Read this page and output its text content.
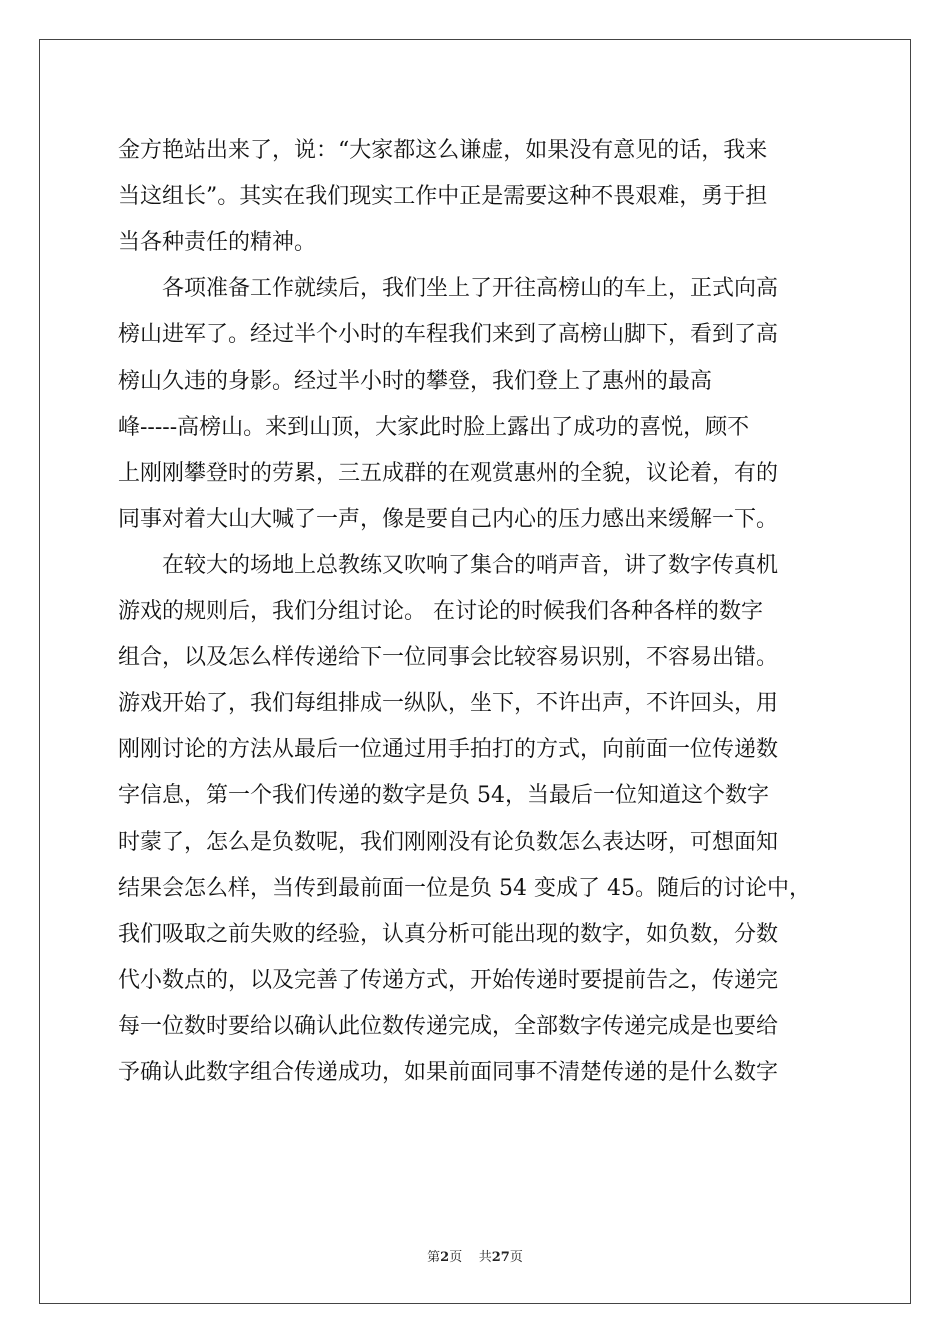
金方艳站出来了，说：“大家都这么谦虚，如果没有意见的话，我来
当这组长”。其实在我们现实工作中正是需要这种不畏艰难，勇于担
当各种责任的精神。
　　各项准备工作就续后，我们坐上了开往高榜山的车上，正式向高
榜山进军了。经过半个小时的车程我们来到了高榜山脚下，看到了高
榜山久违的身影。经过半小时的攀登，我们登上了惠州的最高
峰-----高榜山。来到山顶，大家此时脸上露出了成功的喜悦，顾不
上刚刚攀登时的劳累，三五成群的在观赏惠州的全貌，议论着，有的
同事对着大山大喊了一声，像是要自己内心的压力感出来缓解一下。
　　在较大的场地上总教练又吹响了集合的哨声音，讲了数字传真机
游戏的规则后，我们分组讨论。 在讨论的时候我们各种各样的数字
组合，以及怎么样传递给下一位同事会比较容易识别，不容易出错。
游戏开始了，我们每组排成一纵队，坐下，不许出声，不许回头，用
刚刚讨论的方法从最后一位通过用手拍打的方式，向前面一位传递数
字信息，第一个我们传递的数字是负 54，当最后一位知道这个数字
时蒙了，怎么是负数呢，我们刚刚没有论负数怎么表达呀，可想面知
结果会怎么样，当传到最前面一位是负 54 变成了 45。随后的讨论中，
我们吸取之前失败的经验，认真分析可能出现的数字，如负数，分数
代小数点的，以及完善了传递方式，开始传递时要提前告之，传递完
每一位数时要给以确认此位数传递完成，全部数字传递完成是也要给
予确认此数字组合传递成功，如果前面同事不清楚传递的是什么数字
第2页 共27页
